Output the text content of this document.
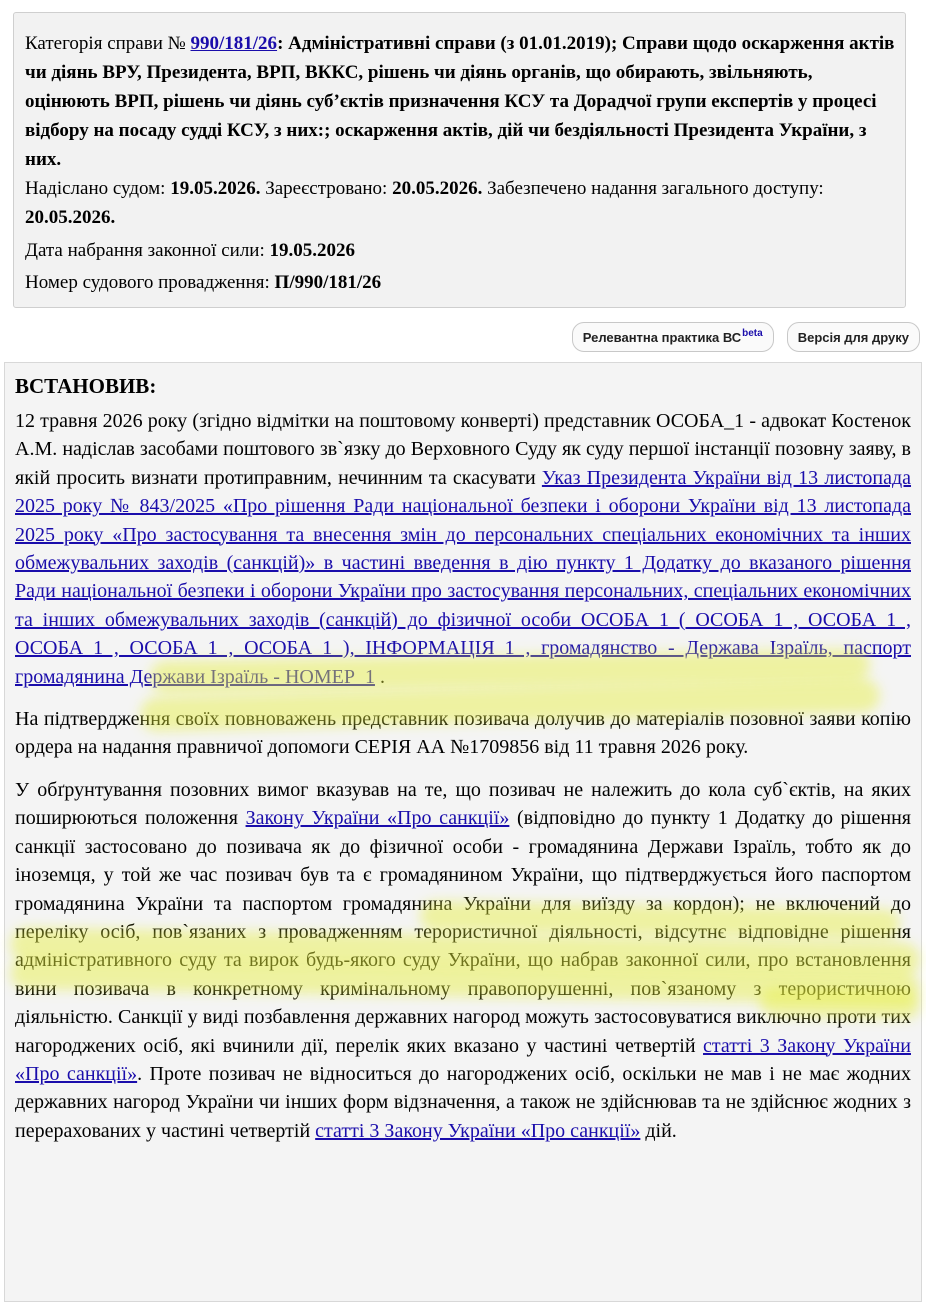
Категорія справи № 990/181/26: Адміністративні справи (з 01.01.2019); Справи щодо оскарження актів чи діянь ВРУ, Президента, ВРП, ВККС, рішень чи діянь органів, що обирають, звільняють, оцінюють ВРП, рішень чи діянь суб’єктів призначення КСУ та Дорадчої групи експертів у процесі відбору на посаду судді КСУ, з них:; оскарження актів, дій чи бездіяльності Президента України, з них.

Надіслано судом: 19.05.2026. Зареєстровано: 20.05.2026. Забезпечено надання загального доступу: 20.05.2026.

Дата набрання законної сили: 19.05.2026

Номер судового провадження: П/990/181/26

Релевантна практика $ВС^{beta}$	Версія для друку
ВСТАНОВИВ:

12 травня 2026 року (згідно відмітки на поштовому конверті) представник ОСОБА_1 - адвокат Костенок А.М. надіслав засобами поштового зв`язку до Верховного Суду як суду першої інстанції позовну заяву, в якій просить визнати протиправним, нечинним та скасувати Указ Президента України від 13 листопада 2025 року № 843/2025 «Про рішення Ради національної безпеки і оборони України від 13 листопада 2025 року «Про застосування та внесення змін до персональних спеціальних економічних та інших обмежувальних заходів (санкцій)» в частині введення в дію пункту 1 Додатку до вказаного рішення Ради національної безпеки і оборони України про застосування персональних, спеціальних економічних та інших обмежувальних заходів (санкцій) до фізичної особи ОСОБА_1 ( ОСОБА_1 , ОСОБА_1 , ОСОБА_1 , ОСОБА_1 , ОСОБА_1 ), ІНФОРМАЦІЯ_1 , громадянство - Держава Ізраїль, паспорт громадянина Держави Ізраїль - НОМЕР_1 .

На підтвердження своїх повноважень представник позивача долучив до матеріалів позовної заяви копію ордера на надання правничої допомоги СЕРІЯ АА №1709856 від 11 травня 2026 року.

У обґрунтування позовних вимог вказував на те, що позивач не належить до кола суб`єктів, на яких поширюються положення Закону України «Про санкції» (відповідно до пункту 1 Додатку до рішення санкції застосовано до позивача як до фізичної особи - громадянина Держави Ізраїль, тобто як до іноземця, у той же час позивач був та є громадянином України, що підтверджується його паспортом громадянина України та паспортом громадянина України для виїзду за кордон); не включений до переліку осіб, пов`язаних з провадженням терористичної діяльності, відсутнє відповідне рішення адміністративного суду та вирок будь-якого суду України, що набрав законної сили, про встановлення вини позивача в конкретному кримінальному правопорушенні, пов`язаному з терористичною діяльністю. Санкції у виді позбавлення державних нагород можуть застосовуватися виключно проти тих нагороджених осіб, які вчинили дії, перелік яких вказано у частині четвертій статті 3 Закону України «Про санкції». Проте позивач не відноситься до нагороджених осіб, оскільки не мав і не має жодних державних нагород України чи інших форм відзначення, а також не здійснював та не здійснює жодних з перерахованих у частині четвертій статті 3 Закону України «Про санкції» дій.
